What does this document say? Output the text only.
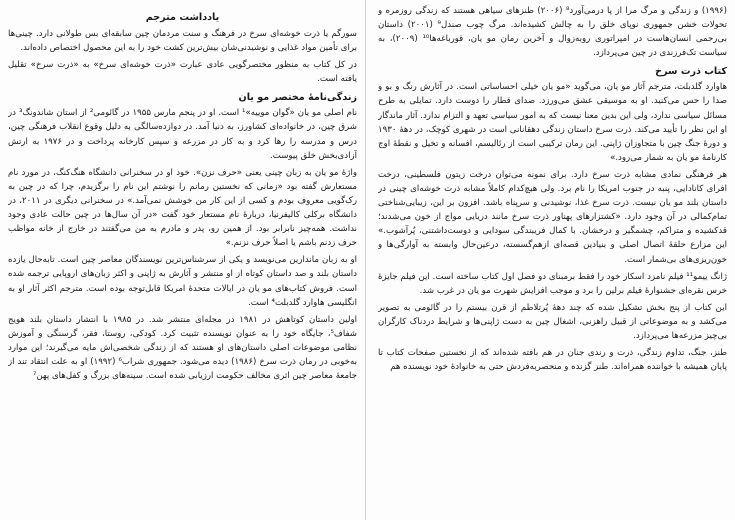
یادداشت مترجم

سورگم یا ذرت خوشه‌ای سرخ در فرهنگ و سنت مردمان چین سابقه‌ای بس طولانی دارد. چینی‌ها برای تأمین مواد غذایی و نوشیدنی‌شان بیش‌ترین کشت خود را به این محصول اختصاص داده‌اند.

در کل کتاب به منظور مختصرگویی عادی عبارت «ذرت خوشه‌ای سرخ» به «ذرت سرخ» تقلیل یافته است.

زندگی‌نامهٔ مختصر مو یان

نام اصلی مو یان «گوان موییه»¹ است. او در پنجم مارس ۱۹۵۵ در گائومی² از استان شاندونگ³ در شرق چین، در خانواده‌ای کشاورز، به دنیا آمد. در دوازده‌سالگی به دلیل وقوع انقلاب فرهنگی چین، درس و مدرسه را رها کرد و به کار در مزرعه و سپس کارخانه پرداخت و در ۱۹۷۶ به ارتش آزادی‌بخش خلق پیوست.

واژهٔ مو یان به زبان چینی یعنی «حرف نزن». خود او در سخنرانی دانشگاه هنگ‌کنگ، در مورد نام مستعارش گفته بود «زمانی که نخستین رمانم را نوشتم این نام را برگزیدم، چرا که در چین به رک‌گویی معروف بودم و کسی از این کار من خوشش نمی‌آمد.» در سخنرانی دیگری در ۲۰۱۱، در دانشگاه برکلی کالیفرنیا، دربارهٔ نام مستعار خود گفت «در آن سال‌ها در چین حالت عادی وجود نداشت. همه‌چیز نابرابر بود. از همین رو، پدر و مادرم به من می‌گفتند در خارج از خانه مواظب حرف زدنم باشم یا اصلاً حرف نزنم.»

او به زبان ماندارین می‌نویسد و یکی از سرشناس‌ترین نویسندگان معاصر چین است. تابه‌حال یازده داستان بلند و صد داستان کوتاه از او منتشر و آثارش به ژاپنی و اکثر زبان‌های اروپایی ترجمه شده است. فروش کتاب‌های مو یان در ایالات متحدهٔ امریکا قابل‌توجه بوده است. مترجم اکثر آثار او به انگلیسی هاوارد گلدبلت⁴ است.

اولین داستان کوتاهش در ۱۹۸۱ در مجله‌ای منتشر شد. در ۱۹۸۵ با انتشار داستان بلند هویج شفاف⁵، جایگاه خود را به عنوان نویسنده تثبیت کرد. کودکی، روستا، فقر، گرسنگی و آموزش نظامی موضوعات اصلی داستان‌های او هستند که از زندگی شخصی‌اش مایه می‌گیرند؛ این موارد به‌خوبی در رمان ذرت سرخ (۱۹۸۶) دیده می‌شود. جمهوری شراب⁶ (۱۹۹۲) او به علت انتقاد تند از جامعهٔ معاصر چین اثری مخالف حکومت ارزیابی شده است. سینه‌های بزرگ و کفل‌های پهن⁷

(۱۹۹۶) و زندگی و مرگ مرا از پا درمی‌آورد⁸ (۲۰۰۶) طنزهای سیاهی هستند که زندگی روزمره و تحولات خشن جمهوری نوپای خلق را به چالش کشیده‌اند. مرگ چوب صندل⁹ (۲۰۰۱) داستان بی‌رحمی انسان‌هاست در امپراتوری روبه‌زوال و آخرین رمان مو یان، قورباغه‌ها¹⁰ (۲۰۰۹)، به سیاست تک‌فرزندی در چین می‌پردازد.

کتاب ذرت سرخ

هاوارد گلدبلت، مترجم آثار مو یان، می‌گوید «مو یان خیلی احساساتی است. در آثارش رنگ و بو و صدا را حس می‌کنید. او به موسیقی عشق می‌ورزد. صدای قطار را دوست دارد. تمایلی به طرح مسائل سیاسی ندارد، ولی این بدین معنا نیست که به امور سیاسی تعهد و التزام ندارد. آثار ماندگار او این نظر را تأیید می‌کند. ذرت سرخ داستان زندگی دهقانانی است در شهری کوچک، در دههٔ ۱۹۳۰ و دورهٔ جنگ چین با متجاوزان ژاپنی. این رمان ترکیبی است از رئالیسم، افسانه و تخیل و نقطهٔ اوج کارنامهٔ مو یان به شمار می‌رود.»

هر فرهنگی نمادی مشابه ذرت سرخ دارد. برای نمونه می‌توان درخت زیتون فلسطینی، درخت افرای کانادایی، پنبه در جنوب امریکا را نام برد. ولی هیچ‌کدام کاملاً مشابه ذرت خوشه‌ای چینی در داستان بلند مو یان نیست. ذرت سرخ غذا، نوشیدنی و سرپناه باشد. افزون بر این، زیبایی‌شناختی تمام‌کمالی در آن وجود دارد. «کشتزارهای پهناور ذرت سرخ مانند دریایی مواج از خون می‌شدند؛ قدکشیده و متراکم، چشمگیر و درخشان. با کمال فریبندگی سودایی و دوست‌داشتنی، پُرآشوب.» این مزارع حلقهٔ اتصال اصلی و بنیادین قصه‌ای ازهم‌گسسته، درعین‌حال وابسته به آوارگی‌ها و خون‌ریزی‌های بی‌شمار است.

ژانگ ییمو¹¹ فیلم نامزد اسکار خود را فقط برمبنای دو فصل اول کتاب ساخته است. این فیلم جایزهٔ خرس نقره‌ای جشنوارهٔ فیلم برلین را برد و موجب افزایش شهرت مو یان در غرب شد.

این کتاب از پنج بخش تشکیل شده که چند دههٔ پُرتلاطم از قرن بیستم را در گائومی به تصویر می‌کشد و به موضوعاتی از قبیل راهزنی، اشغال چین به دست ژاپنی‌ها و شرایط دردناک کارگران بی‌چیز مزرعه‌ها می‌پردازد.

طنز، جنگ، تداوم زندگی، ذرت و رندی جنان در هم بافته شده‌اند که از نخستین صفحات کتاب تا پایان همیشه با خواننده همراه‌اند. طنز گزنده و منحصربه‌فردش حتی به خانوادهٔ خود نویسنده هم
